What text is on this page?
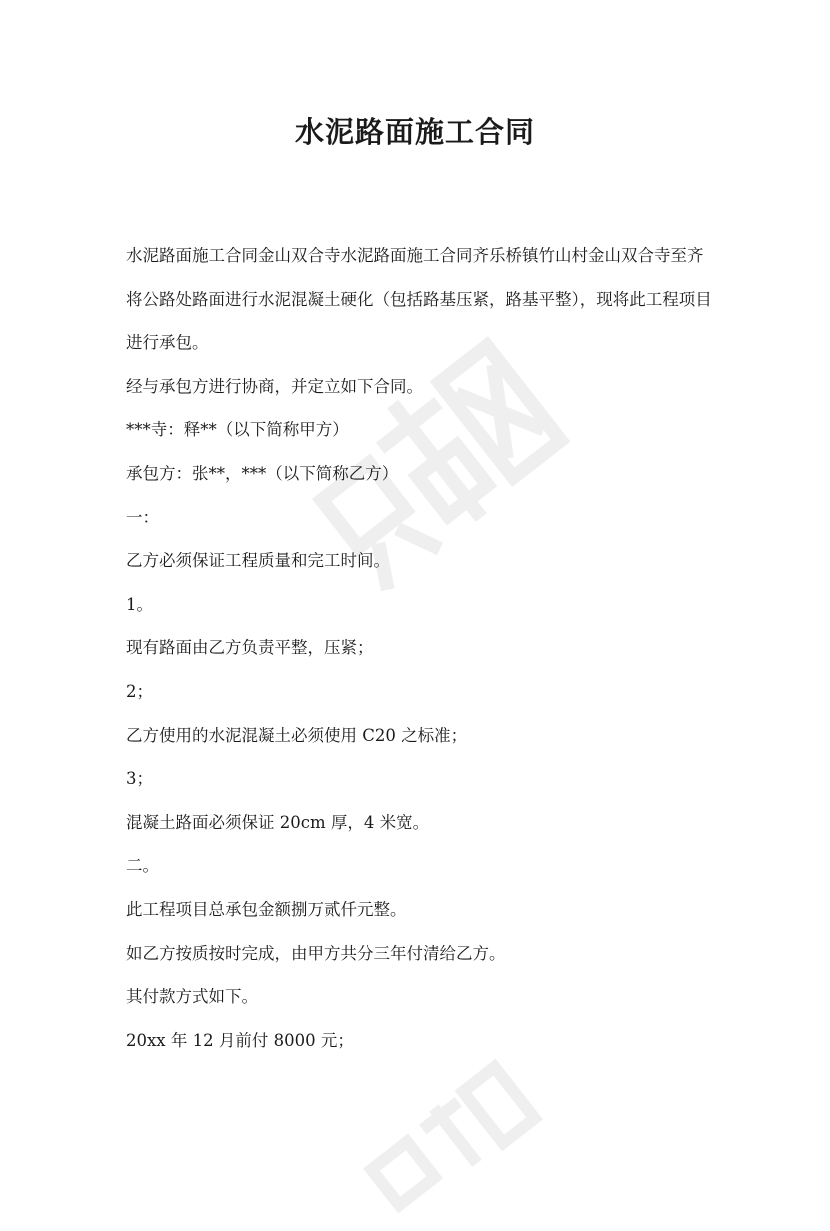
水泥路面施工合同

水泥路面施工合同金山双合寺水泥路面施工合同齐乐桥镇竹山村金山双合寺至齐将公路处路面进行水泥混凝土硬化（包括路基压紧，路基平整），现将此工程项目进行承包。

经与承包方进行协商，并定立如下合同。

***寺：释**（以下简称甲方）

承包方：张**，***（以下简称乙方）

一：

乙方必须保证工程质量和完工时间。

1。

现有路面由乙方负责平整，压紧；

2；

乙方使用的水泥混凝土必须使用 C20 之标准；

3；

混凝土路面必须保证 20cm 厚，4 米宽。

二。

此工程项目总承包金额捌万贰仟元整。

如乙方按质按时完成，由甲方共分三年付清给乙方。

其付款方式如下。

20xx 年 12 月前付 8000 元；
